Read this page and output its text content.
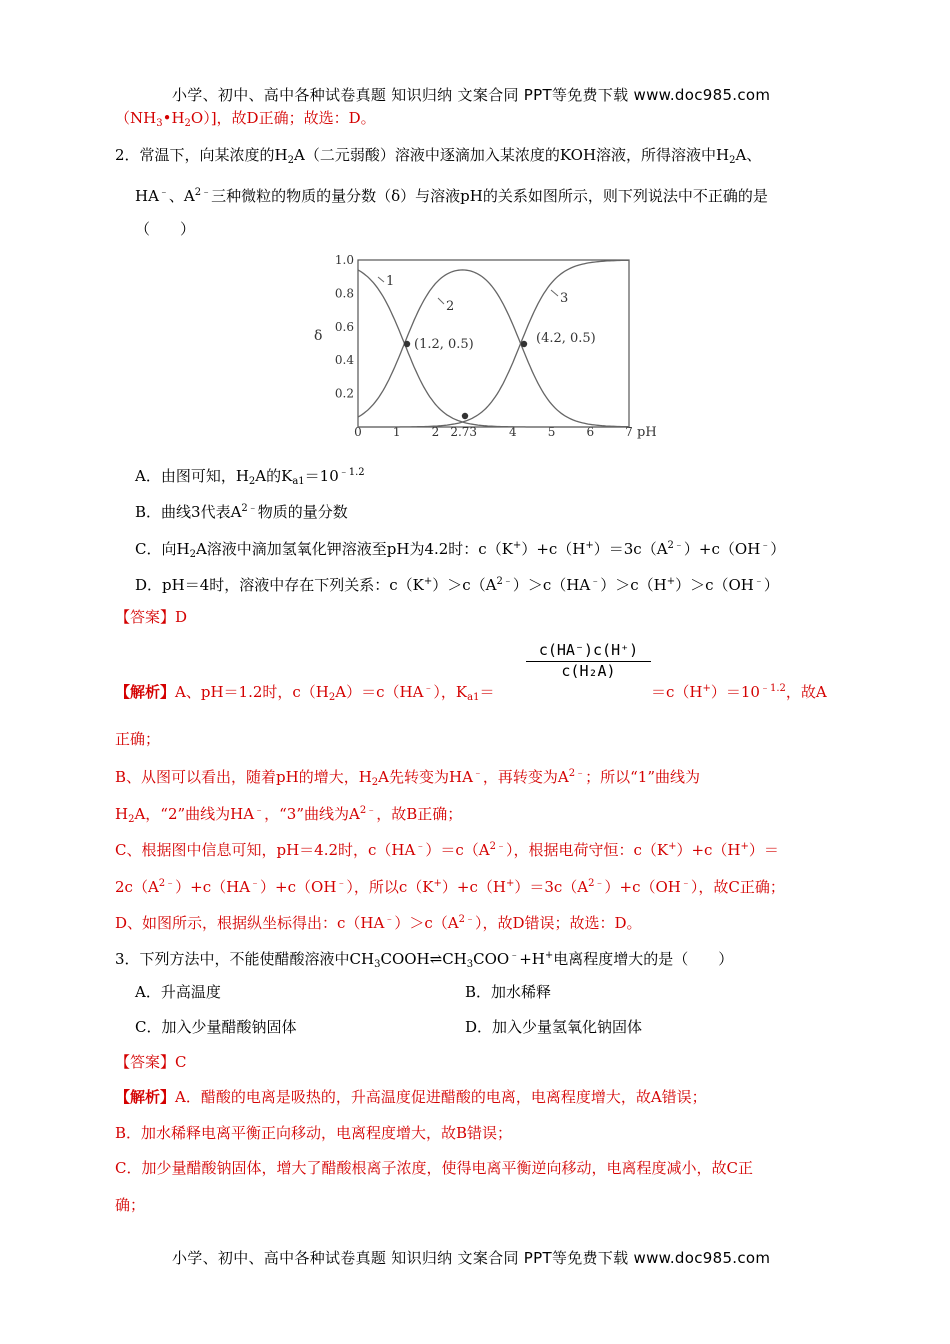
小学、初中、高中各种试卷真题 知识归纳 文案合同 PPT等免费下载 www.doc985.com
$(NH_3•H_2O)$]，故D正确；故选：D。
2．常温下，向某浓度的$H_2A$（二元弱酸）溶液中逐滴加入某浓度的KOH溶液，所得溶液中$H_2A$、
HA﹣、$A^{2﹣}$三种微粒的物质的量分数（δ）与溶液pH的关系如图所示，则下列说法中不正确的是
（　　）
0	1	2 2.73	4	5	6	7
0.2
0.4
0.6
0.8
1.0
(1.2, 0.5)	(4.2, 0.5)
1
2
3
δ
pH
A．由图可知，$H_2A$的$K_{a1}=10^{﹣1.2}$
B．曲线3代表$A^{2﹣}$物质的量分数
C．向$H_2A$溶液中滴加氢氧化钾溶液至pH为4.2时：$c(K^+)+c(H^+)=3c(A^{2﹣})+c(OH^﹣)$
D．pH＝4时，溶液中存在下列关系：$c(K^+)>c(A^{2﹣})>c(HA^﹣)>c(H^+)>c(OH^﹣)$
【答案】D
【解析】A、pH＝1.2时，$c(H_2A)=c(HA^﹣)$，$K_{a1}=$
$\frac{c(HA^-)c(H^+)}{\text{c(H₂A)}}$
$=c(H^+)=10^{﹣1.2}$，故A
正确；
B、从图可以看出，随着pH的增大，$H_2A$先转变为HA﹣，再转变为$A^{2﹣}$；所以“1”曲线为
$H_2A$，“2”曲线为HA﹣，“3”曲线为$A^{2﹣}$，故B正确；
C、根据图中信息可知，pH＝4.2时，$c(HA^﹣)=c(A^{2﹣})$，根据电荷守恒：c（K+）+c（H+）＝
$2c(A^{2﹣})+c(HA^﹣)+c(OH^﹣)$，所以$c(K^+)+c(H^+)=3c(A^{2﹣})+c(OH^﹣)$，故C正确；
D、如图所示，根据纵坐标得出：$c(HA^﹣)>c(A^{2﹣})$，故D错误；故选：D。
3．下列方法中，不能使醋酸溶液中$CH_3COOH\rightleftharpoons CH_3COO^﹣+H^+$电离程度增大的是（　　）
A．升高温度	B．加水稀释
C．加入少量醋酸钠固体	D．加入少量氢氧化钠固体
【答案】C
【解析】A．醋酸的电离是吸热的，升高温度促进醋酸的电离，电离程度增大，故A错误；
B．加水稀释电离平衡正向移动，电离程度增大，故B错误；
C．加少量醋酸钠固体，增大了醋酸根离子浓度，使得电离平衡逆向移动，电离程度减小，故C正
确；
小学、初中、高中各种试卷真题 知识归纳 文案合同 PPT等免费下载 www.doc985.com
